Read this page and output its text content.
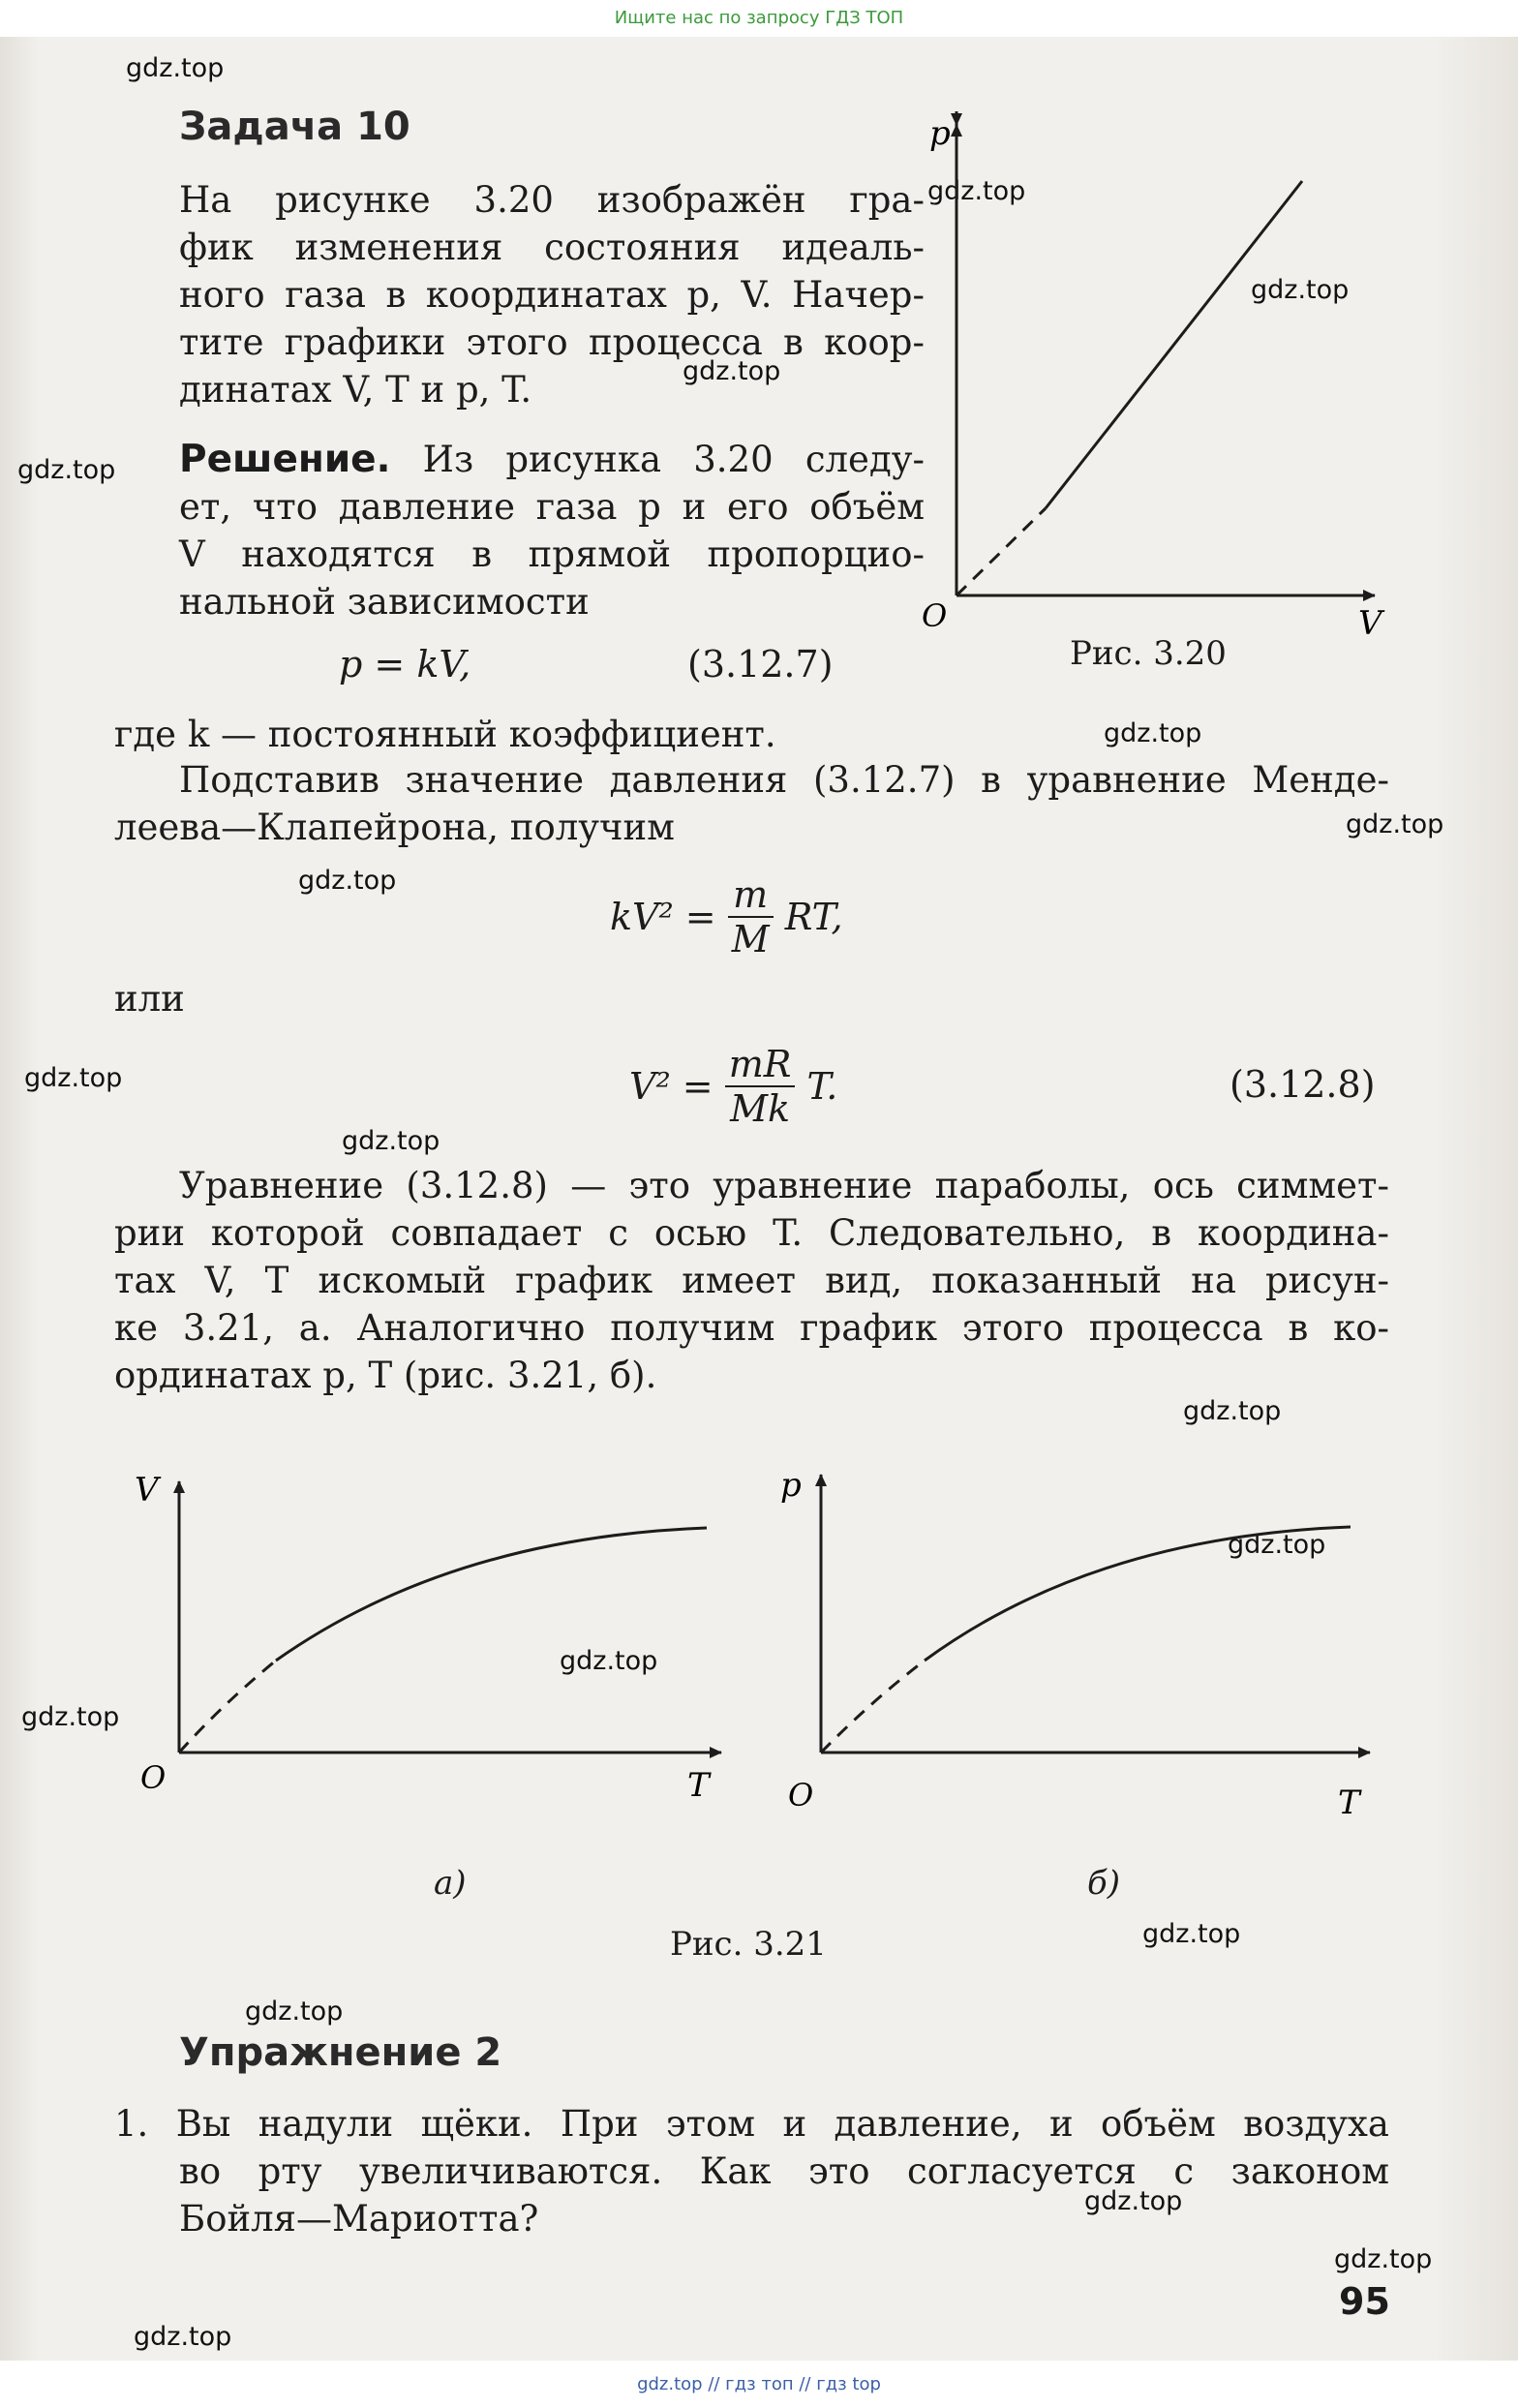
Ищите нас по запросу ГДЗ ТОП
gdz.top
gdz.top
gdz.top
gdz.top
gdz.top
gdz.top
gdz.top
gdz.top
gdz.top
gdz.top
gdz.top
gdz.top
gdz.top
gdz.top
gdz.top
gdz.top
gdz.top
gdz.top
gdz.top
Задача 10
На рисунке 3.20 изображён гра-
фик изменения состояния идеаль-
ного газа в координатах p, V. Начер-
тите графики этого процесса в коор-
динатах V, T и p, T.
Решение. Из рисунка 3.20 следу-
ет, что давление газа p и его объём
V находятся в прямой пропорцио-
нальной зависимости
p
V
O
Рис. 3.20
p = kV,	(3.12.7)
где k — постоянный коэффициент.
Подставив значение давления (3.12.7) в уравнение Менде-
леева—Клапейрона, получим
$kV^2 = \frac{m}{M}$ RT,
или
$V^2 = \frac{mR}{Mk} T$.	(3.12.8)
Уравнение (3.12.8) — это уравнение параболы, ось симмет-
рии которой совпадает с осью T. Следовательно, в координа-
тах V, T искомый график имеет вид, показанный на рисун-
ке 3.21, а. Аналогично получим график этого процесса в ко-
ординатах p, T (рис. 3.21, б).
V
T
O
а)
p
T
O
б)
Рис. 3.21
Упражнение 2
1. Вы надули щёки. При этом и давление, и объём воздуха
во рту увеличиваются. Как это согласуется с законом
Бойля—Мариотта?
95
gdz.top // гдз топ // гдз top
